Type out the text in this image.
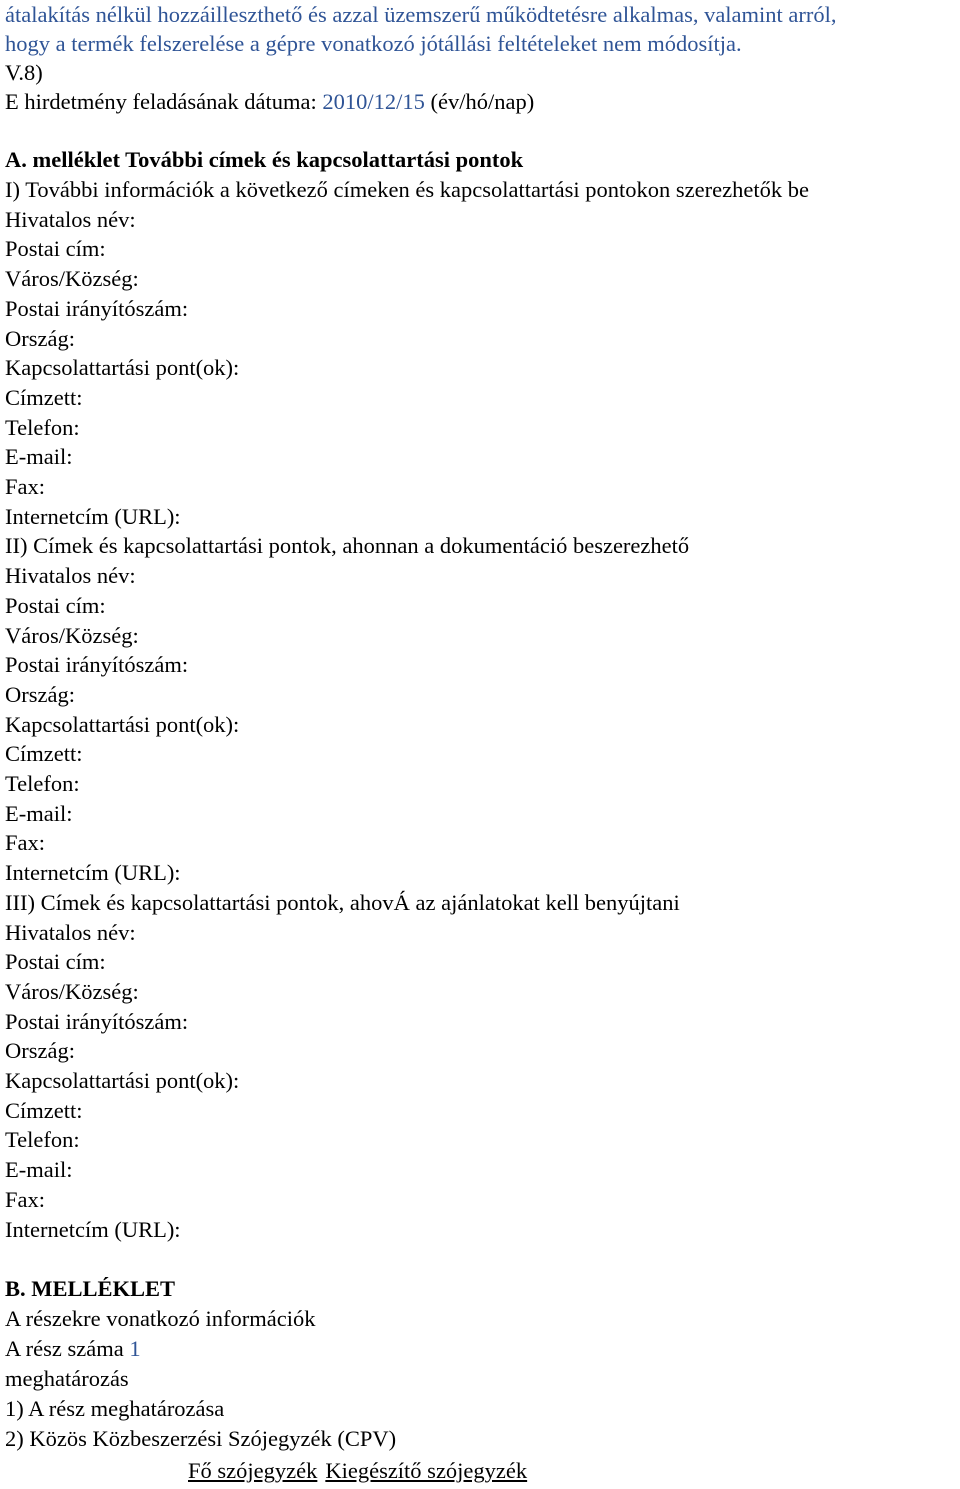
átalakítás nélkül hozzáilleszthető és azzal üzemszerű működtetésre alkalmas, valamint arról,
hogy a termék felszerelése a gépre vonatkozó jótállási feltételeket nem módosítja.
V.8)
E hirdetmény feladásának dátuma: 2010/12/15 (év/hó/nap)
A. melléklet További címek és kapcsolattartási pontok
I) További információk a következő címeken és kapcsolattartási pontokon szerezhetők be
Hivatalos név:
Postai cím:
Város/Község:
Postai irányítószám:
Ország:
Kapcsolattartási pont(ok):
Címzett:
Telefon:
E-mail:
Fax:
Internetcím (URL):
II) Címek és kapcsolattartási pontok, ahonnan a dokumentáció beszerezhető
Hivatalos név:
Postai cím:
Város/Község:
Postai irányítószám:
Ország:
Kapcsolattartási pont(ok):
Címzett:
Telefon:
E-mail:
Fax:
Internetcím (URL):
III) Címek és kapcsolattartási pontok, ahovÁ az ajánlatokat kell benyújtani
Hivatalos név:
Postai cím:
Város/Község:
Postai irányítószám:
Ország:
Kapcsolattartási pont(ok):
Címzett:
Telefon:
E-mail:
Fax:
Internetcím (URL):
B. MELLÉKLET
A részekre vonatkozó információk
A rész száma 1
meghatározás
1) A rész meghatározása
2) Közös Közbeszerzési Szójegyzék (CPV)
Fő szójegyzék Kiegészítő szójegyzék
